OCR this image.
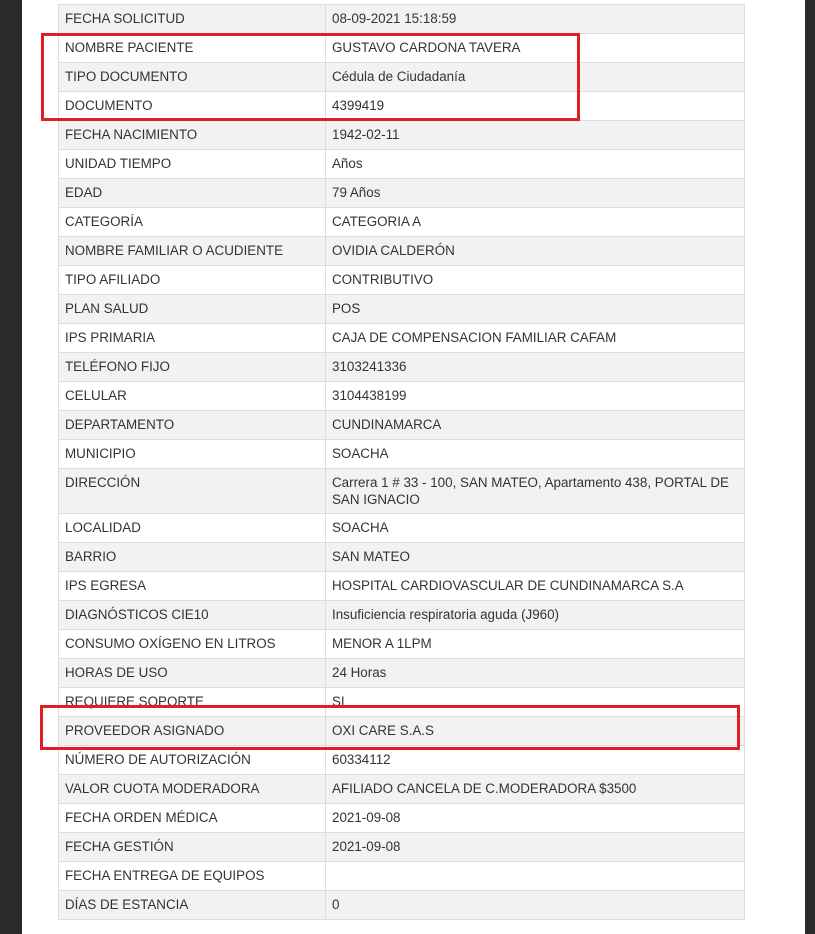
FECHA SOLICITUD	08-09-2021 15:18:59
NOMBRE PACIENTE	GUSTAVO CARDONA TAVERA
TIPO DOCUMENTO	Cédula de Ciudadanía
DOCUMENTO	4399419
FECHA NACIMIENTO	1942-02-11
UNIDAD TIEMPO	Años
EDAD	79 Años
CATEGORÍA	CATEGORIA A
NOMBRE FAMILIAR O ACUDIENTE	OVIDIA CALDERÓN
TIPO AFILIADO	CONTRIBUTIVO
PLAN SALUD	POS
IPS PRIMARIA	CAJA DE COMPENSACION FAMILIAR CAFAM
TELÉFONO FIJO	3103241336
CELULAR	3104438199
DEPARTAMENTO	CUNDINAMARCA
MUNICIPIO	SOACHA
DIRECCIÓN	Carrera 1 # 33 - 100, SAN MATEO, Apartamento 438, PORTAL DE SAN IGNACIO
LOCALIDAD	SOACHA
BARRIO	SAN MATEO
IPS EGRESA	HOSPITAL CARDIOVASCULAR DE CUNDINAMARCA S.A
DIAGNÓSTICOS CIE10	Insuficiencia respiratoria aguda (J960)
CONSUMO OXÍGENO EN LITROS	MENOR A 1LPM
HORAS DE USO	24 Horas
REQUIERE SOPORTE	SI
PROVEEDOR ASIGNADO	OXI CARE S.A.S
NÚMERO DE AUTORIZACIÓN	60334112
VALOR CUOTA MODERADORA	AFILIADO CANCELA DE C.MODERADORA $3500
FECHA ORDEN MÉDICA	2021-09-08
FECHA GESTIÓN	2021-09-08
FECHA ENTREGA DE EQUIPOS	
DÍAS DE ESTANCIA	0
